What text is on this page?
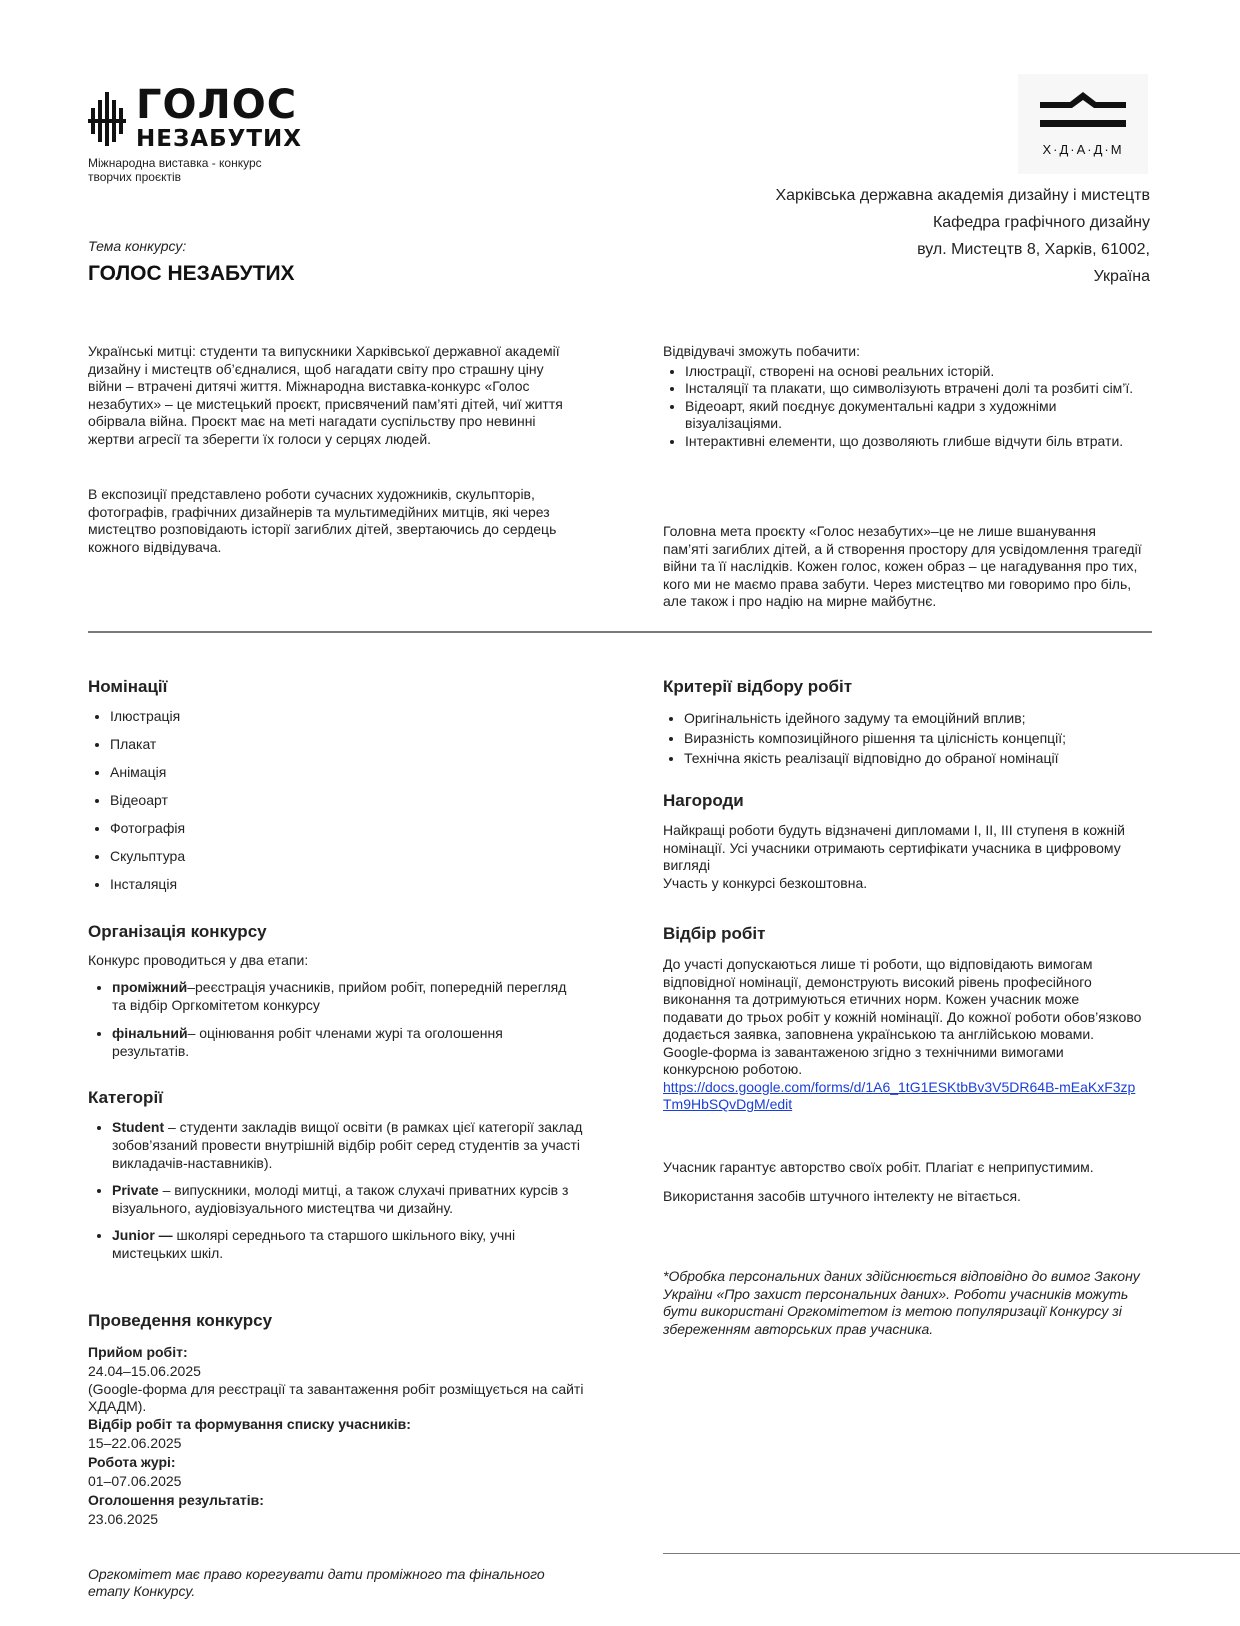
ГОЛОС
НЕЗАБУТИХ
Міжнародна виставка - конкурс творчих проєктів
Х·Д·А·Д·М
Харківська державна академія дизайну і мистецтв
Кафедра графічного дизайну
вул. Мистецтв 8, Харків, 61002,
Україна
Тема конкурсу:
ГОЛОС НЕЗАБУТИХ
Українські митці: студенти та випускники Харківської державної академії дизайну і мистецтв об’єдналися, щоб нагадати світу про страшну ціну війни – втрачені дитячі життя. Міжнародна виставка-конкурс «Голос незабутих» – це мистецький проєкт, присвячений пам’яті дітей, чиї життя обірвала війна. Проєкт має на меті нагадати суспільству про невинні жертви агресії та зберегти їх голоси у серцях людей.
В експозиції представлено роботи сучасних художників, скульпторів, фотографів, графічних дизайнерів та мультимедійних митців, які через мистецтво розповідають історії загиблих дітей, звертаючись до сердець кожного відвідувача.
Відвідувачі зможуть побачити:
• Ілюстрації, створені на основі реальних історій.
• Інсталяції та плакати, що символізують втрачені долі та розбиті сім’ї.
• Відеоарт, який поєднує документальні кадри з художніми візуалізаціями.
• Інтерактивні елементи, що дозволяють глибше відчути біль втрати.
Головна мета проєкту «Голос незабутих»–це не лише вшанування пам’яті загиблих дітей, а й створення простору для усвідомлення трагедії війни та її наслідків. Кожен голос, кожен образ – це нагадування про тих, кого ми не маємо права забути. Через мистецтво ми говоримо про біль, але також і про надію на мирне майбутнє.
Номінації
• Ілюстрація
• Плакат
• Анімація
• Відеоарт
• Фотографія
• Скульптура
• Інсталяція
Організація конкурсу
Конкурс проводиться у два етапи:
• проміжний–реєстрація учасників, прийом робіт, попередній перегляд та відбір Оргкомітетом конкурсу
• фінальний– оцінювання робіт членами журі та оголошення результатів.
Категорії
• Student – студенти закладів вищої освіти (в рамках цієї категорії заклад зобов’язаний провести внутрішній відбір робіт серед студентів за участі викладачів-наставників).
• Private – випускники, молоді митці, а також слухачі приватних курсів з візуального, аудіовізуального мистецтва чи дизайну.
• Junior — школярі середнього та старшого шкільного віку, учні мистецьких шкіл.
Проведення конкурсу
Прийом робіт:
24.04–15.06.2025
(Google-форма для реєстрації та завантаження робіт розміщується на сайті ХДАДМ).
Відбір робіт та формування списку учасників:
15–22.06.2025
Робота журі:
01–07.06.2025
Оголошення результатів:
23.06.2025
Оргкомітет має право корегувати дати проміжного та фінального етапу Конкурсу.
Критерії відбору робіт
• Оригінальність ідейного задуму та емоційний вплив;
• Виразність композиційного рішення та цілісність концепції;
• Технічна якість реалізації відповідно до обраної номінації
Нагороди
Найкращі роботи будуть відзначені дипломами I, II, III ступеня в кожній номінації. Усі учасники отримають сертифікати учасника в цифровому вигляді
Участь у конкурсі безкоштовна.
Відбір робіт
До участі допускаються лише ті роботи, що відповідають вимогам відповідної номінації, демонструють високий рівень професійного виконання та дотримуються етичних норм. Кожен учасник може подавати до трьох робіт у кожній номінації. До кожної роботи обов’язково додається заявка, заповнена українською та англійською мовами.
Google-форма із завантаженою згідно з технічними вимогами конкурсною роботою.
https://docs.google.com/forms/d/1A6_1tG1ESKtbBv3V5DR64B-mEaKxF3zpTm9HbSQvDgM/edit
Учасник гарантує авторство своїх робіт. Плагіат є неприпустимим.
Використання засобів штучного інтелекту не вітається.
*Обробка персональних даних здійснюється відповідно до вимог Закону України «Про захист персональних даних». Роботи учасників можуть бути використані Оргкомітетом із метою популяризації Конкурсу зі збереженням авторських прав учасника.
